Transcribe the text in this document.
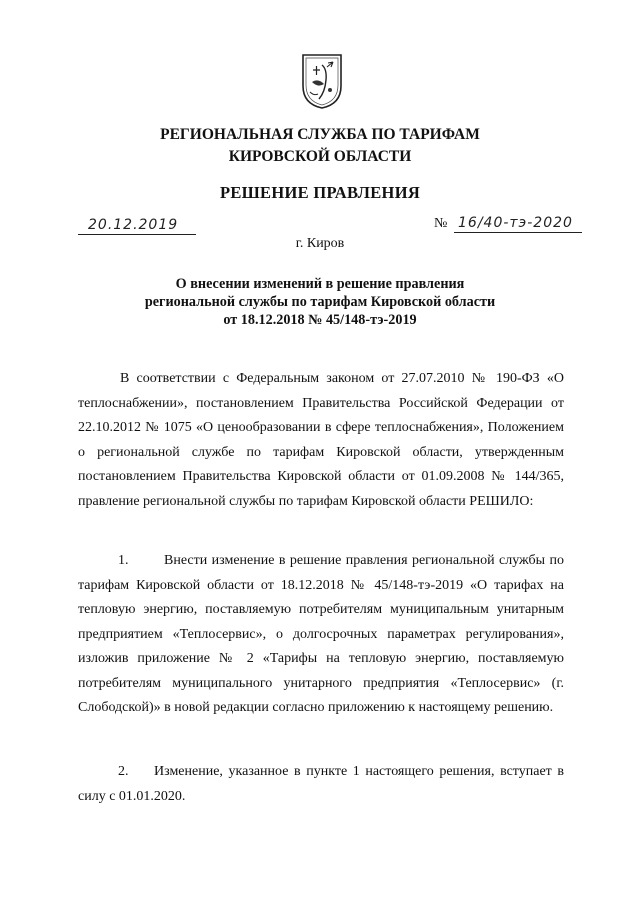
РЕГИОНАЛЬНАЯ СЛУЖБА ПО ТАРИФАМ
КИРОВСКОЙ ОБЛАСТИ
РЕШЕНИЕ ПРАВЛЕНИЯ
20.12.2019	№ 16/40-тэ-2020
г. Киров
О внесении изменений в решение правления
региональной службы по тарифам Кировской области
от 18.12.2018 № 45/148-тэ-2019
В соответствии с Федеральным законом от 27.07.2010 № 190-ФЗ «О теплоснабжении», постановлением Правительства Российской Федерации от 22.10.2012 № 1075 «О ценообразовании в сфере теплоснабжения», Положением о региональной службе по тарифам Кировской области, утвержденным постановлением Правительства Кировской области от 01.09.2008 № 144/365, правление региональной службы по тарифам Кировской области РЕШИЛО:
1.	Внести изменение в решение правления региональной службы по тарифам Кировской области от 18.12.2018 № 45/148-тэ-2019 «О тарифах на тепловую энергию, поставляемую потребителям муниципальным унитарным предприятием «Теплосервис», о долгосрочных параметрах регулирования», изложив приложение № 2 «Тарифы на тепловую энергию, поставляемую потребителям муниципального унитарного предприятия «Теплосервис» (г. Слободской)» в новой редакции согласно приложению к настоящему решению.
2. Изменение, указанное в пункте 1 настоящего решения, вступает в силу с 01.01.2020.
